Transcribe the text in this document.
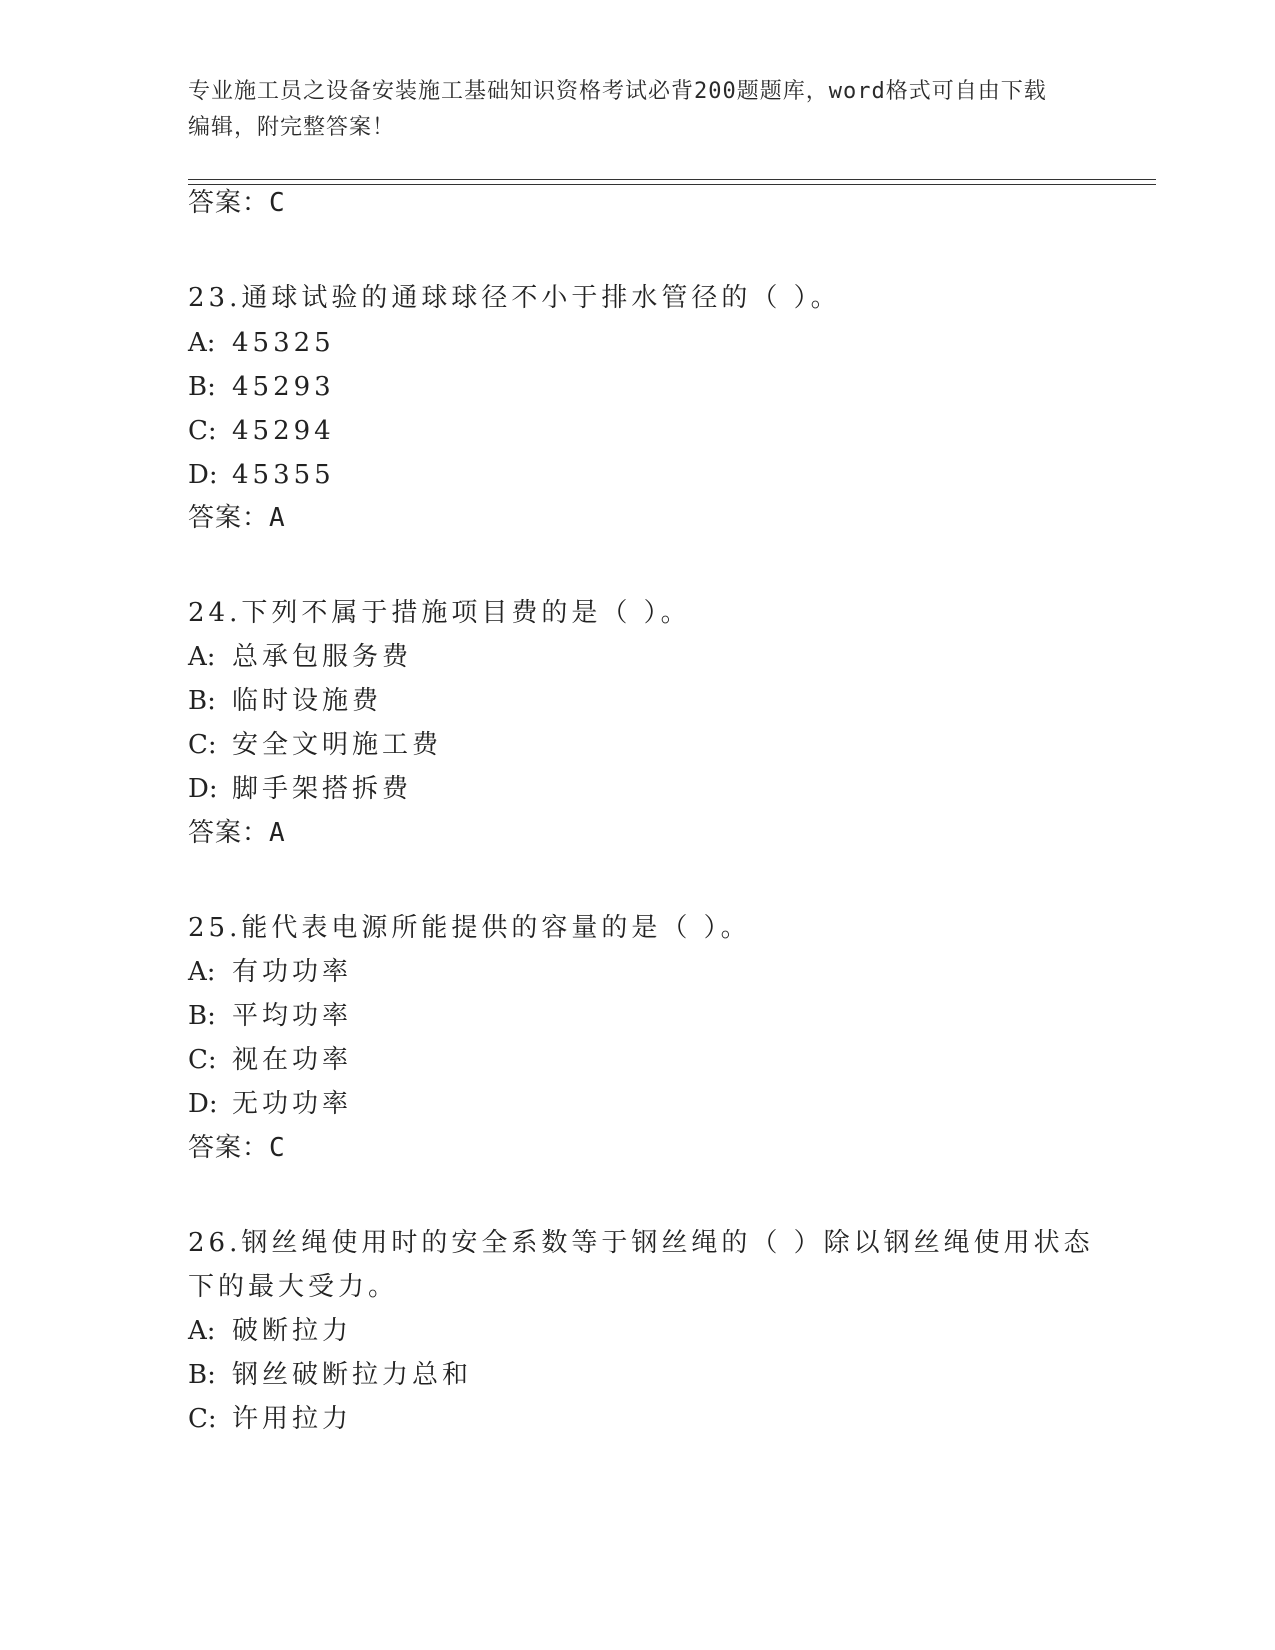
专业施工员之设备安装施工基础知识资格考试必背200题题库，word格式可自由下载编辑，附完整答案！
答案：C
23.通球试验的通球球径不小于排水管径的（ ）。
A: 45325
B: 45293
C: 45294
D: 45355
答案：A
24.下列不属于措施项目费的是（ ）。
A: 总承包服务费
B: 临时设施费
C: 安全文明施工费
D: 脚手架搭拆费
答案：A
25.能代表电源所能提供的容量的是（ ）。
A: 有功功率
B: 平均功率
C: 视在功率
D: 无功功率
答案：C
26.钢丝绳使用时的安全系数等于钢丝绳的（ ）除以钢丝绳使用状态
下的最大受力。
A: 破断拉力
B: 钢丝破断拉力总和
C: 许用拉力
